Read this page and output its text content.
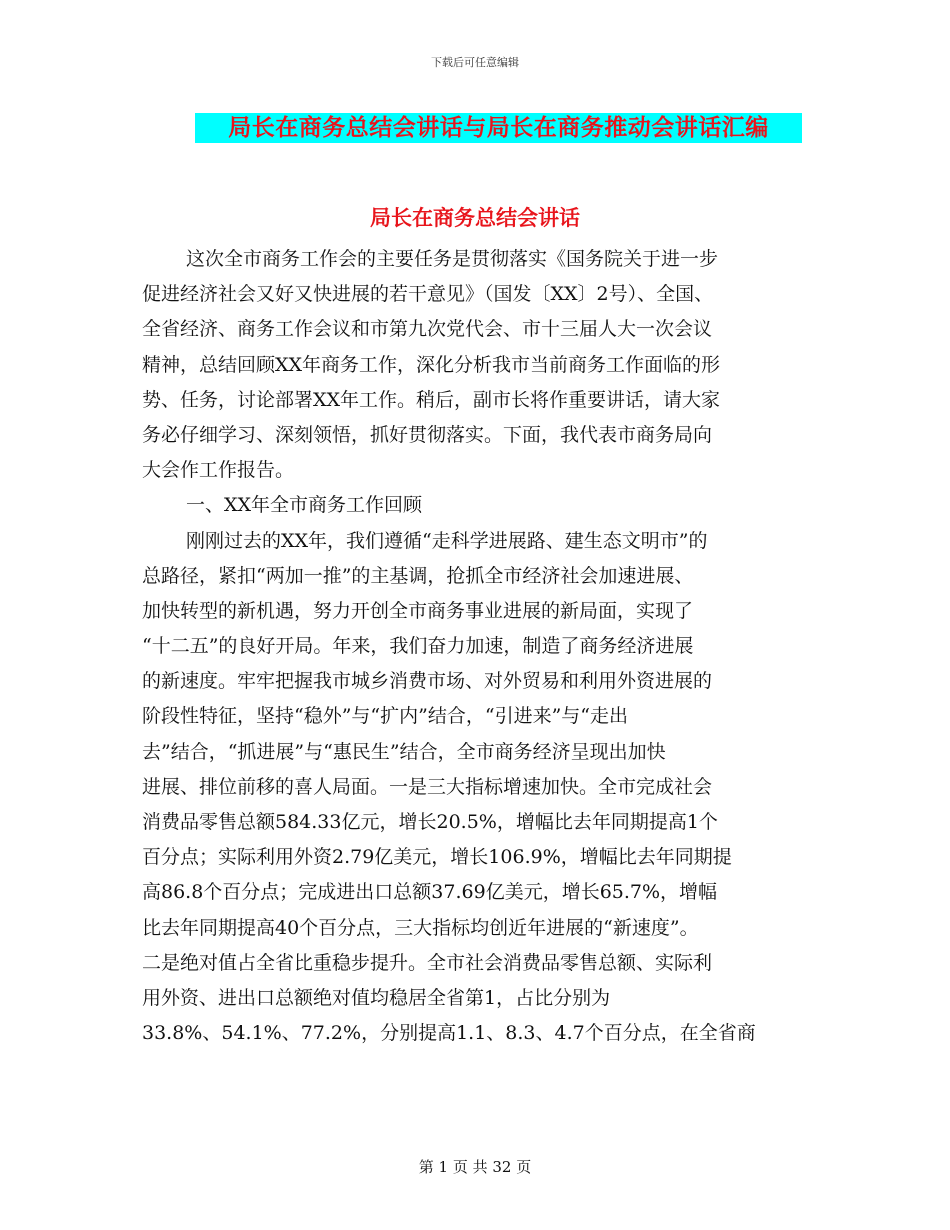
下载后可任意编辑
局长在商务总结会讲话与局长在商务推动会讲话汇编
局长在商务总结会讲话
这次全市商务工作会的主要任务是贯彻落实《国务院关于进一步
促进经济社会又好又快进展的若干意见》（国发〔XX〕2号）、全国、
全省经济、商务工作会议和市第九次党代会、市十三届人大一次会议
精神，总结回顾XX年商务工作，深化分析我市当前商务工作面临的形
势、任务，讨论部署XX年工作。稍后，副市长将作重要讲话，请大家
务必仔细学习、深刻领悟，抓好贯彻落实。下面，我代表市商务局向
大会作工作报告。
一、XX年全市商务工作回顾
刚刚过去的XX年，我们遵循“走科学进展路、建生态文明市”的
总路径，紧扣“两加一推”的主基调，抢抓全市经济社会加速进展、
加快转型的新机遇，努力开创全市商务事业进展的新局面，实现了
“十二五”的良好开局。年来，我们奋力加速，制造了商务经济进展
的新速度。牢牢把握我市城乡消费市场、对外贸易和利用外资进展的
阶段性特征，坚持“稳外”与“扩内”结合，“引进来”与“走出
去”结合，“抓进展”与“惠民生”结合，全市商务经济呈现出加快
进展、排位前移的喜人局面。一是三大指标增速加快。全市完成社会
消费品零售总额584.33亿元，增长20.5%，增幅比去年同期提高1个
百分点；实际利用外资2.79亿美元，增长106.9%，增幅比去年同期提
高86.8个百分点；完成进出口总额37.69亿美元，增长65.7%，增幅
比去年同期提高40个百分点，三大指标均创近年进展的“新速度”。
二是绝对值占全省比重稳步提升。全市社会消费品零售总额、实际利
用外资、进出口总额绝对值均稳居全省第1，占比分别为
33.8%、54.1%、77.2%，分别提高1.1、8.3、4.7个百分点，在全省商
第 1 页 共 32 页
